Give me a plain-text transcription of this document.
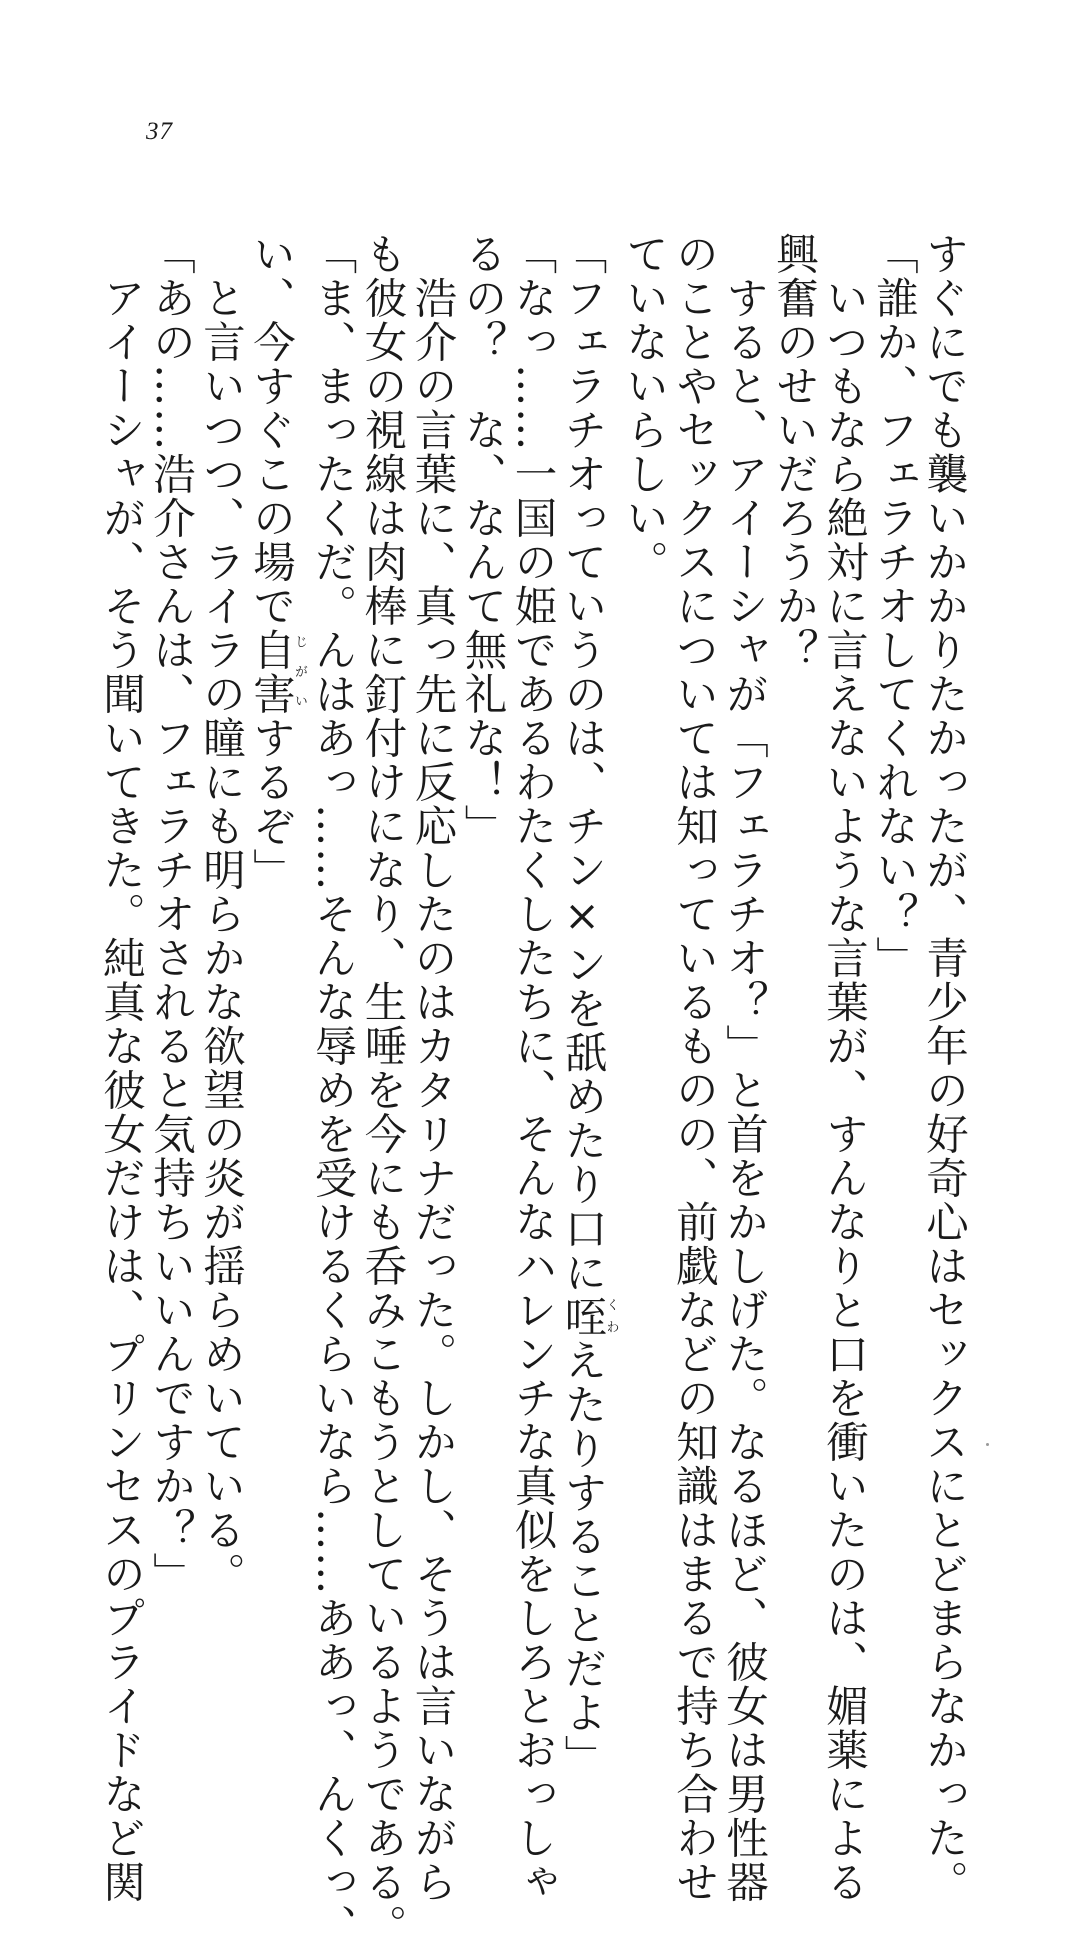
37
すぐにでも襲いかかりたかったが、青少年の好奇心はセックスにとどまらなかった。
「誰か、フェラチオしてくれない？」
　いつもなら絶対に言えないような言葉が、すんなりと口を衝いたのは、媚薬による
興奮のせいだろうか？
　すると、アイーシャが「フェラチオ？」と首をかしげた。なるほど、彼女は男性器
のことやセックスについては知っているものの、前戯などの知識はまるで持ち合わせ
ていないらしい。
「フェラチオっていうのは、チン×ンを舐めたり口に咥くわえたりすることだよ」
「なっ……一国の姫であるわたくしたちに、そんなハレンチな真似をしろとおっしゃ
るの？　な、なんて無礼な！」
　浩介の言葉に、真っ先に反応したのはカタリナだった。しかし、そうは言いながら
も彼女の視線は肉棒に釘付けになり、生唾を今にも呑みこもうとしているようである。
「ま、まったくだ。んはあっ……そんな辱めを受けるくらいなら……ああっ、んくっ、
い、今すぐこの場で自害じがいするぞ」
　と言いつつ、ライラの瞳にも明らかな欲望の炎が揺らめいている。
「あの……浩介さんは、フェラチオされると気持ちいいんですか？」
　アイーシャが、そう聞いてきた。純真な彼女だけは、プリンセスのプライドなど関
